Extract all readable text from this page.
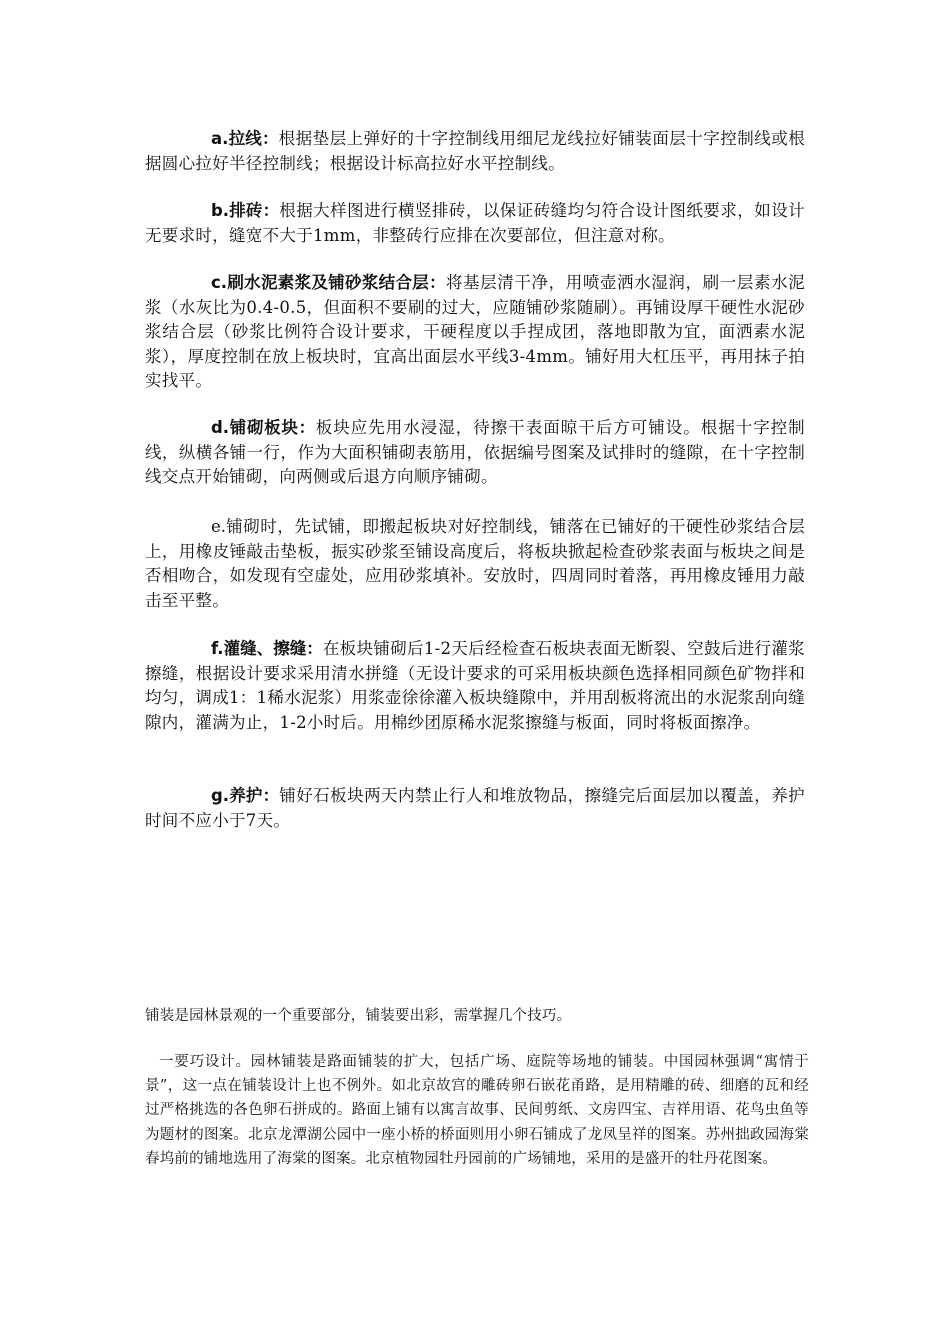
a.拉线：根据垫层上弹好的十字控制线用细尼龙线拉好铺装面层十字控制线或根据圆心拉好半径控制线；根据设计标高拉好水平控制线。

b.排砖：根据大样图进行横竖排砖，以保证砖缝均匀符合设计图纸要求，如设计无要求时，缝宽不大于1mm，非整砖行应排在次要部位，但注意对称。

c.刷水泥素浆及铺砂浆结合层：将基层清干净，用喷壶洒水湿润，刷一层素水泥浆（水灰比为0.4-0.5，但面积不要刷的过大，应随铺砂浆随刷）。再铺设厚干硬性水泥砂浆结合层（砂浆比例符合设计要求，干硬程度以手捏成团，落地即散为宜，面洒素水泥浆），厚度控制在放上板块时，宜高出面层水平线3-4mm。铺好用大杠压平，再用抹子拍实找平。

d.铺砌板块：板块应先用水浸湿，待擦干表面晾干后方可铺设。根据十字控制线，纵横各铺一行，作为大面积铺砌表筋用，依据编号图案及试排时的缝隙，在十字控制线交点开始铺砌，向两侧或后退方向顺序铺砌。

e.铺砌时，先试铺，即搬起板块对好控制线，铺落在已铺好的干硬性砂浆结合层上，用橡皮锤敲击垫板，振实砂浆至铺设高度后，将板块掀起检查砂浆表面与板块之间是否相吻合，如发现有空虚处，应用砂浆填补。安放时，四周同时着落，再用橡皮锤用力敲击至平整。

f.灌缝、擦缝：在板块铺砌后1-2天后经检查石板块表面无断裂、空鼓后进行灌浆擦缝，根据设计要求采用清水拼缝（无设计要求的可采用板块颜色选择相同颜色矿物拌和均匀，调成1：1稀水泥浆）用浆壶徐徐灌入板块缝隙中，并用刮板将流出的水泥浆刮向缝隙内，灌满为止，1-2小时后。用棉纱团原稀水泥浆擦缝与板面，同时将板面擦净。

g.养护：铺好石板块两天内禁止行人和堆放物品，擦缝完后面层加以覆盖，养护时间不应小于7天。

铺装是园林景观的一个重要部分，铺装要出彩，需掌握几个技巧。

一要巧设计。园林铺装是路面铺装的扩大，包括广场、庭院等场地的铺装。中国园林强调“寓情于景”，这一点在铺装设计上也不例外。如北京故宫的雕砖卵石嵌花甬路，是用精雕的砖、细磨的瓦和经过严格挑选的各色卵石拼成的。路面上铺有以寓言故事、民间剪纸、文房四宝、吉祥用语、花鸟虫鱼等为题材的图案。北京龙潭湖公园中一座小桥的桥面则用小卵石铺成了龙凤呈祥的图案。苏州拙政园海棠春坞前的铺地选用了海棠的图案。北京植物园牡丹园前的广场铺地，采用的是盛开的牡丹花图案。
